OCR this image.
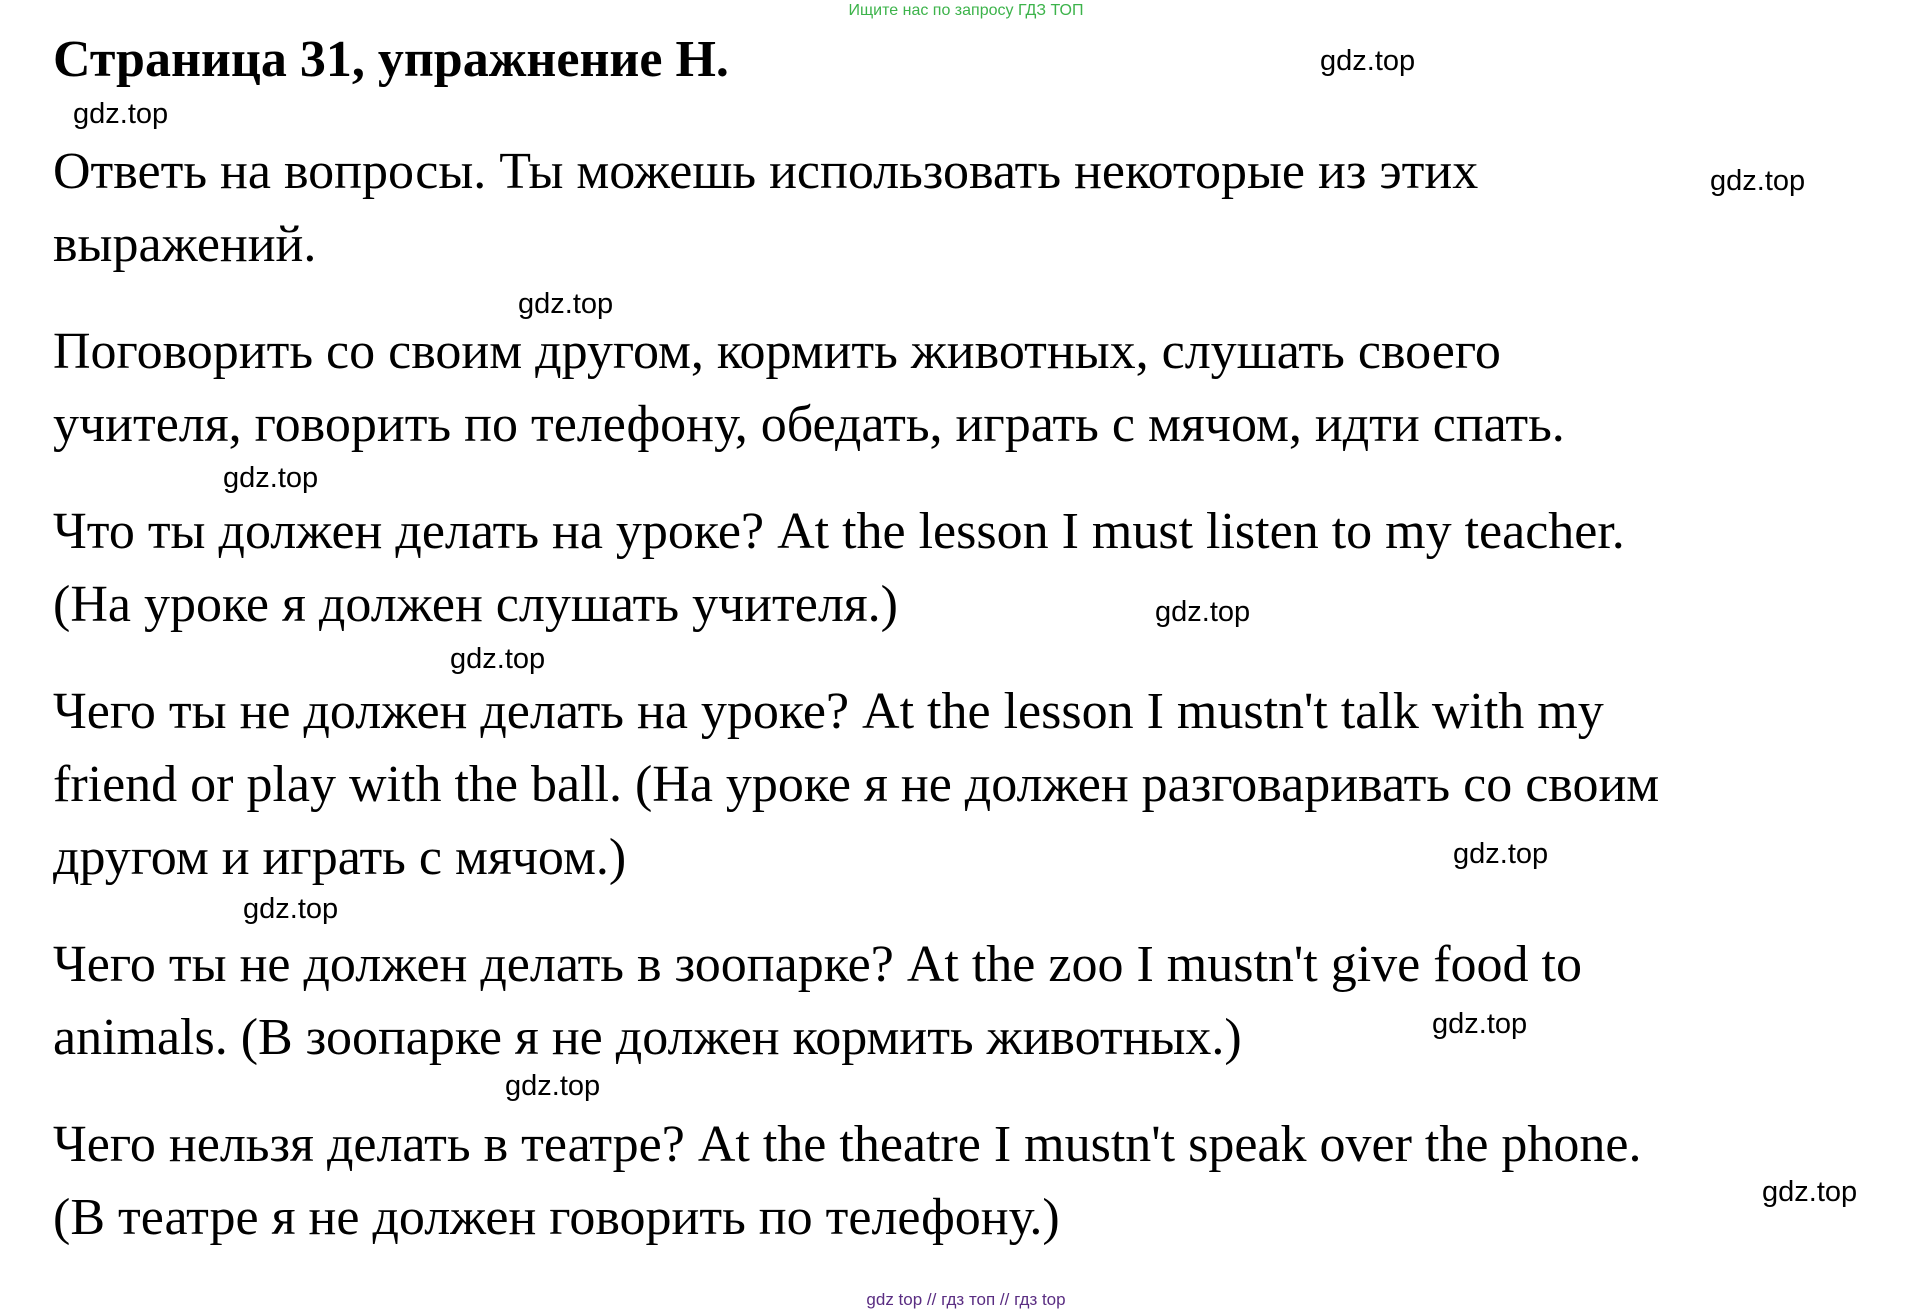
Ищите нас по запросу ГДЗ ТОП
Страница 31, упражнение H.
Ответь на вопросы. Ты можешь использовать некоторые из этих
выражений.
Поговорить со своим другом, кормить животных, слушать своего
учителя, говорить по телефону, обедать, играть с мячом, идти спать.
Что ты должен делать на уроке? At the lesson I must listen to my teacher.
(На уроке я должен слушать учителя.)
Чего ты не должен делать на уроке? At the lesson I mustn't talk with my
friend or play with the ball. (На уроке я не должен разговаривать со своим
другом и играть с мячом.)
Чего ты не должен делать в зоопарке? At the zoo I mustn't give food to
animals. (В зоопарке я не должен кормить животных.)
Чего нельзя делать в театре? At the theatre I mustn't speak over the phone.
(В театре я не должен говорить по телефону.)
gdz.top
gdz.top
gdz.top
gdz.top
gdz.top
gdz.top
gdz.top
gdz.top
gdz.top
gdz.top
gdz.top
gdz.top
gdz top // гдз топ // гдз top
